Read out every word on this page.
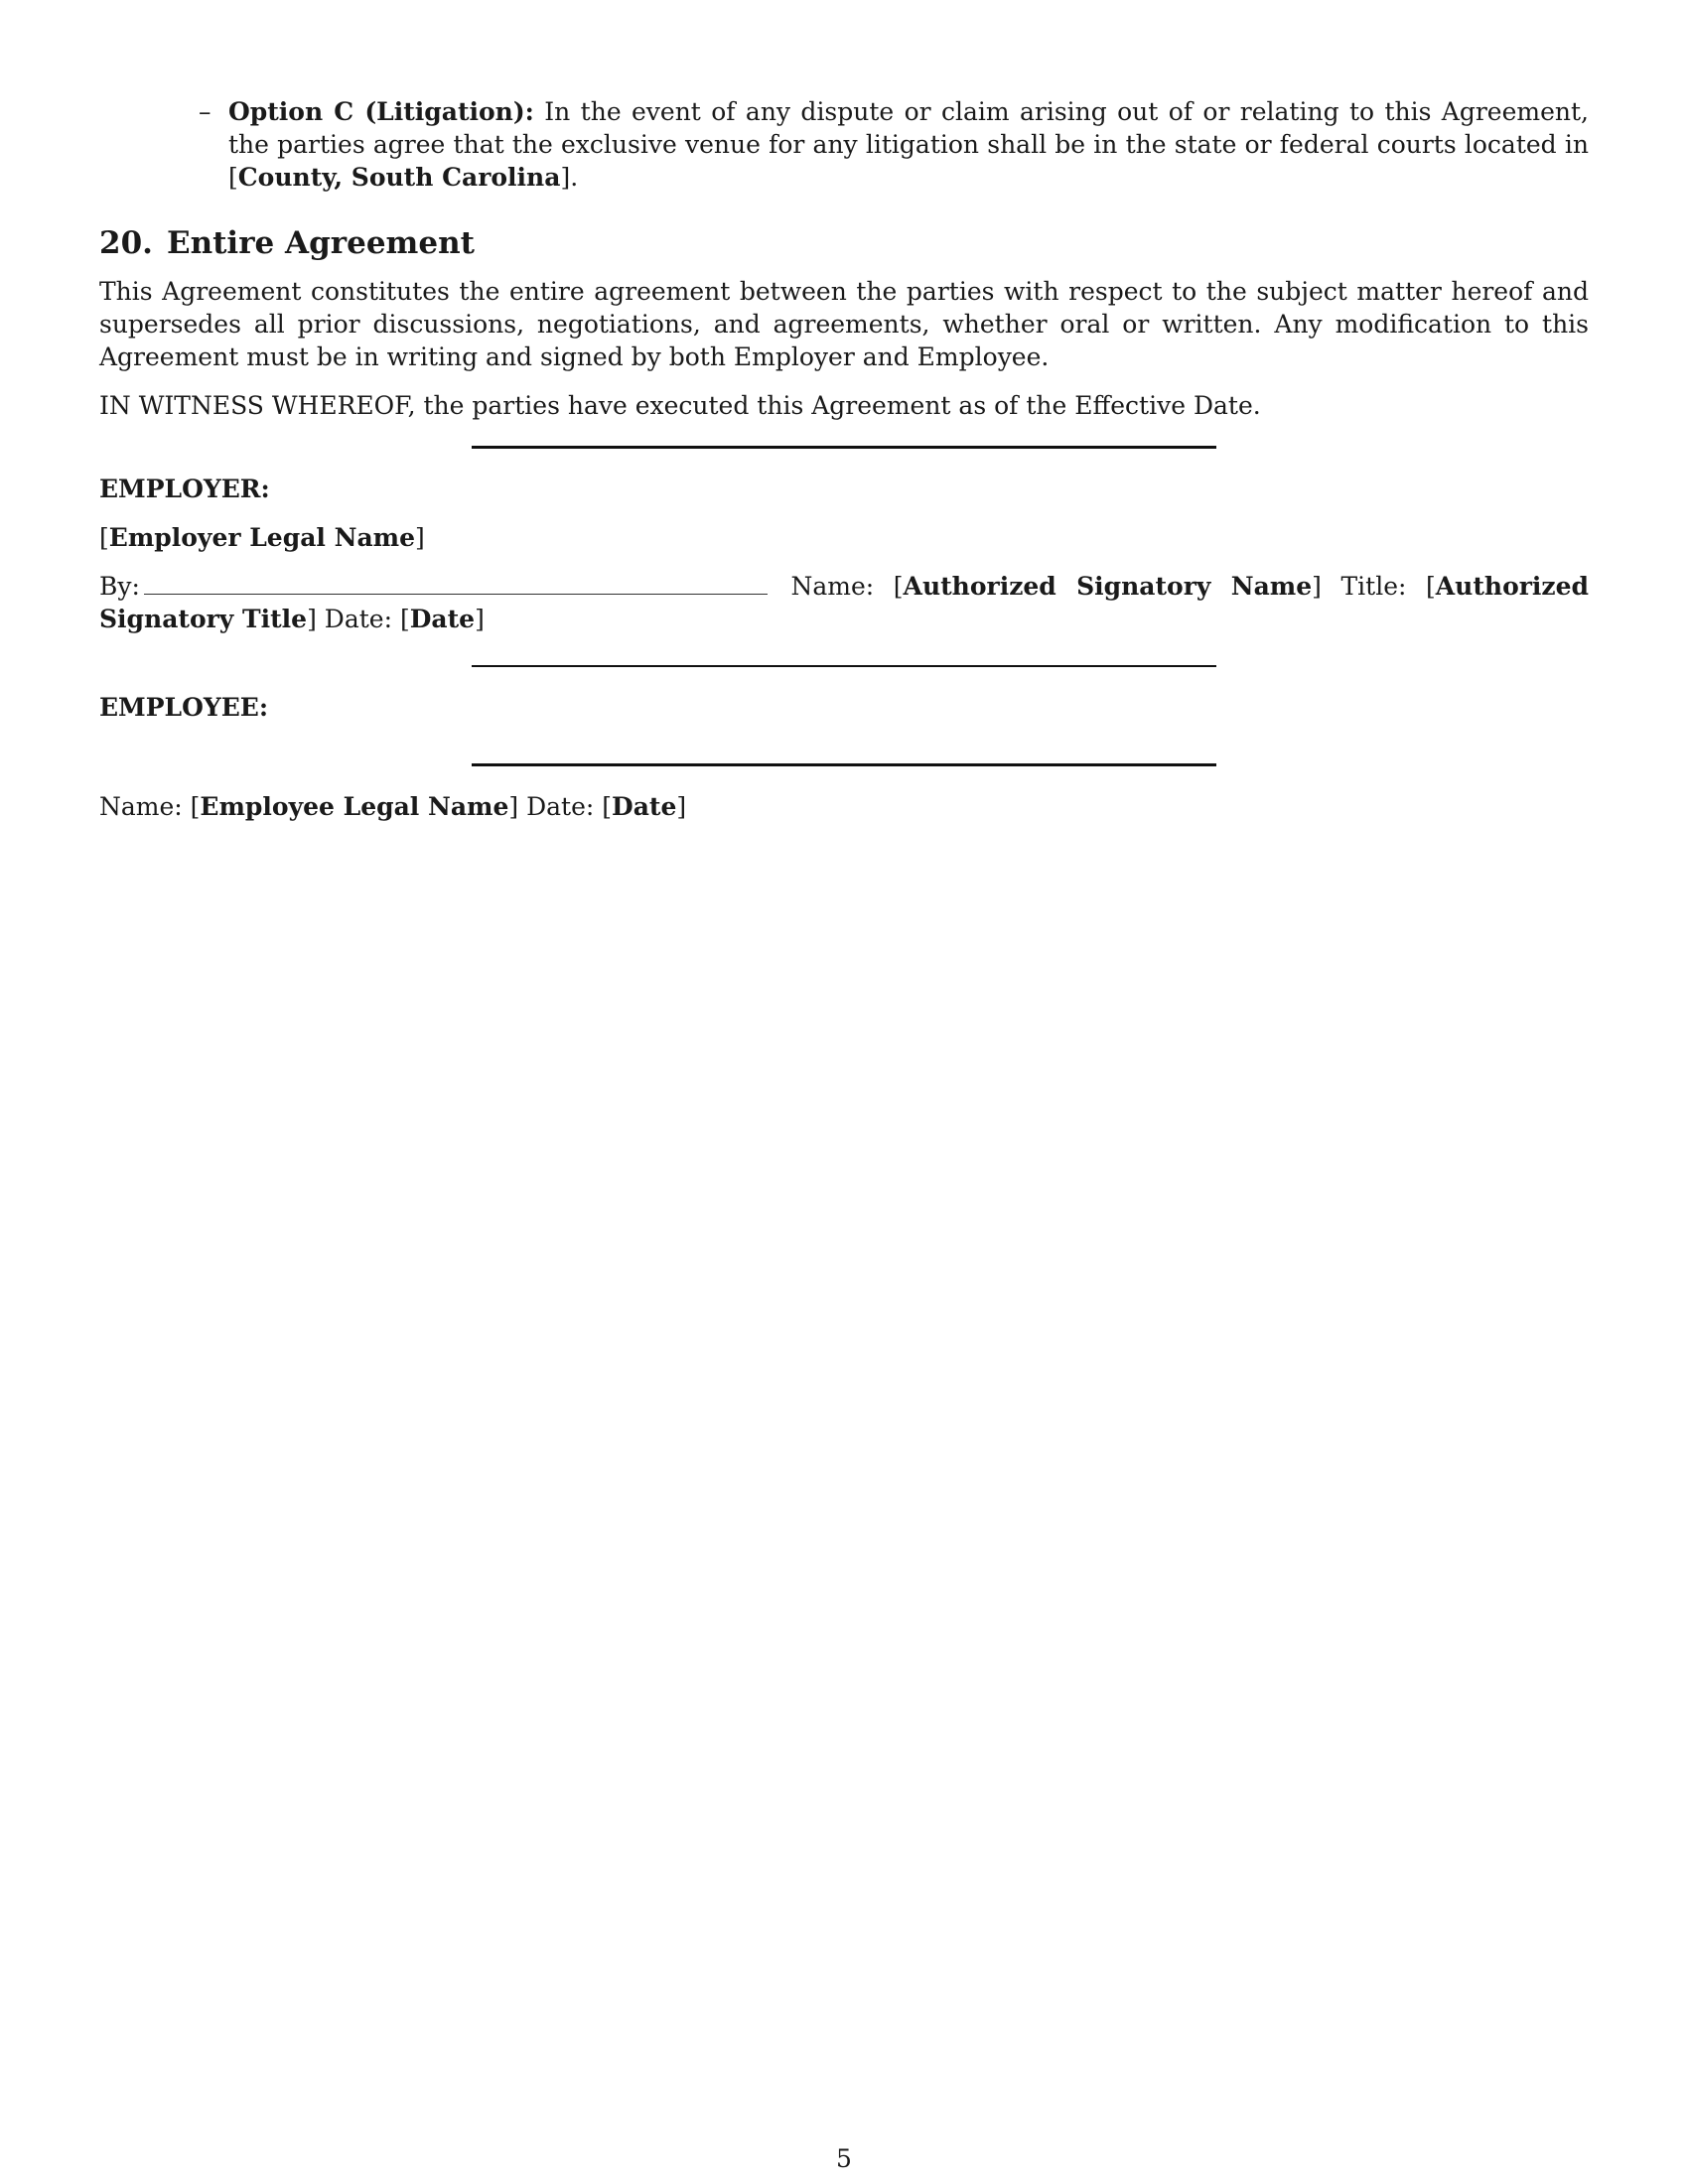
– Option C (Litigation): In the event of any dispute or claim arising out of or relating to this Agreement, the parties agree that the exclusive venue for any litigation shall be in the state or federal courts located in [County, South Carolina].
20. Entire Agreement

This Agreement constitutes the entire agreement between the parties with respect to the subject matter hereof and supersedes all prior discussions, negotiations, and agreements, whether oral or written. Any modification to this Agreement must be in writing and signed by both Employer and Employee.

IN WITNESS WHEREOF, the parties have executed this Agreement as of the Effective Date.

EMPLOYER:

[Employer Legal Name]

By:	Name: [Authorized Signatory Name] Title: [Authorized Signatory Title] Date: [Date]

EMPLOYEE:

Name: [Employee Legal Name] Date: [Date]

5
